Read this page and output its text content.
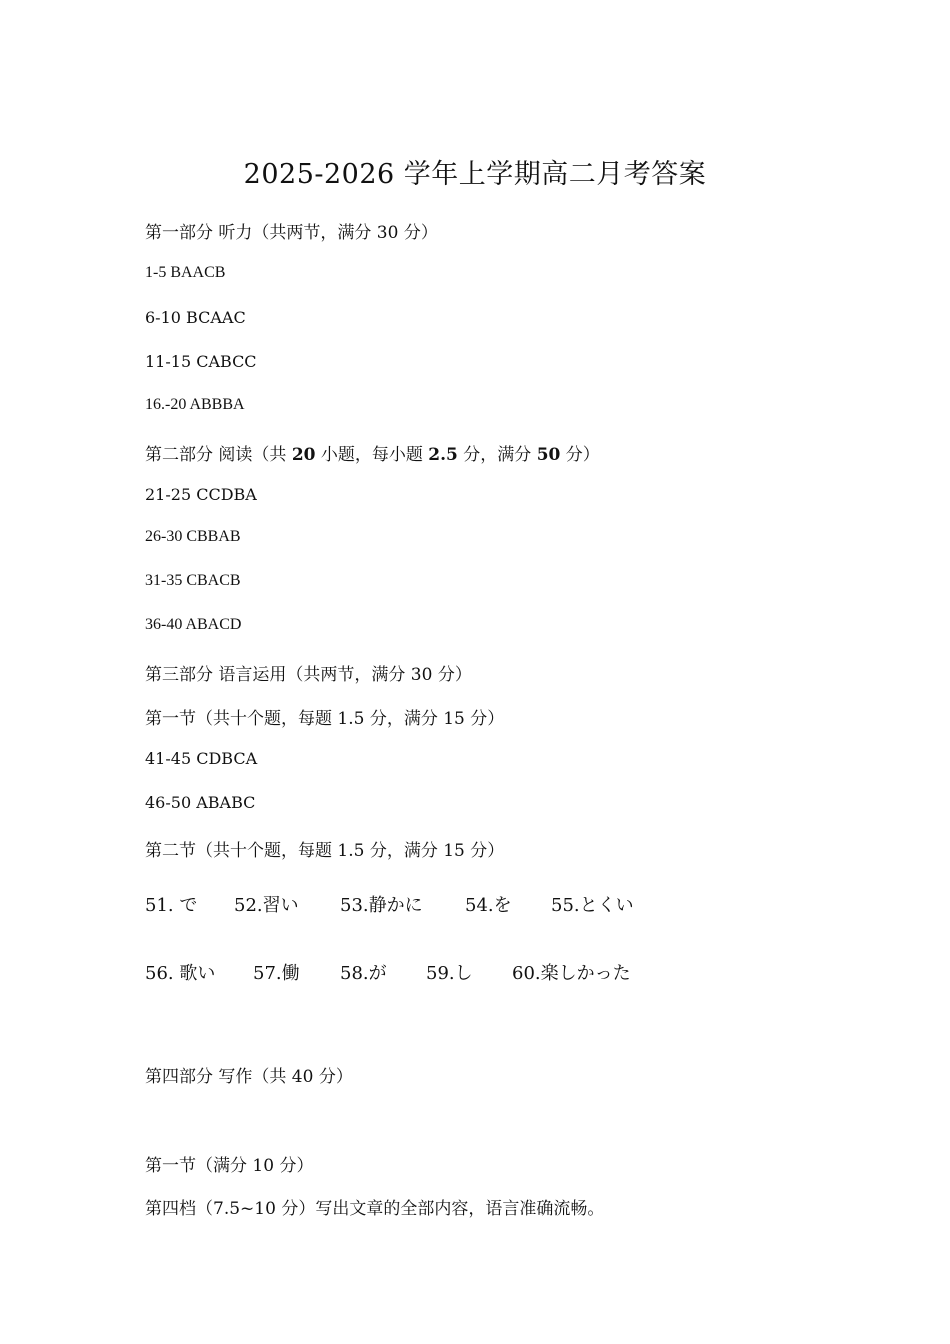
2025-2026 学年上学期高二月考答案
第一部分 听力（共两节，满分 30 分）
1-5 BAACB
6-10 BCAAC
11-15 CABCC
16.-20 ABBBA
第二部分 阅读（共 20 小题，每小题 2.5 分，满分 50 分）
21-25 CCDBA
26-30 CBBAB
31-35 CBACB
36-40 ABACD
第三部分 语言运用（共两节，满分 30 分）
第一节（共十个题，每题 1.5 分，满分 15 分）
41-45 CDBCA
46-50 ABABC
第二节（共十个题，每题 1.5 分，满分 15 分）
51. で 52.習い 53.静かに 54.を 55.とくい
56. 歌い 57.働 58.が 59.し 60.楽しかった
第四部分 写作（共 40 分）
第一节（满分 10 分）
第四档（7.5~10 分）写出文章的全部内容，语言准确流畅。
